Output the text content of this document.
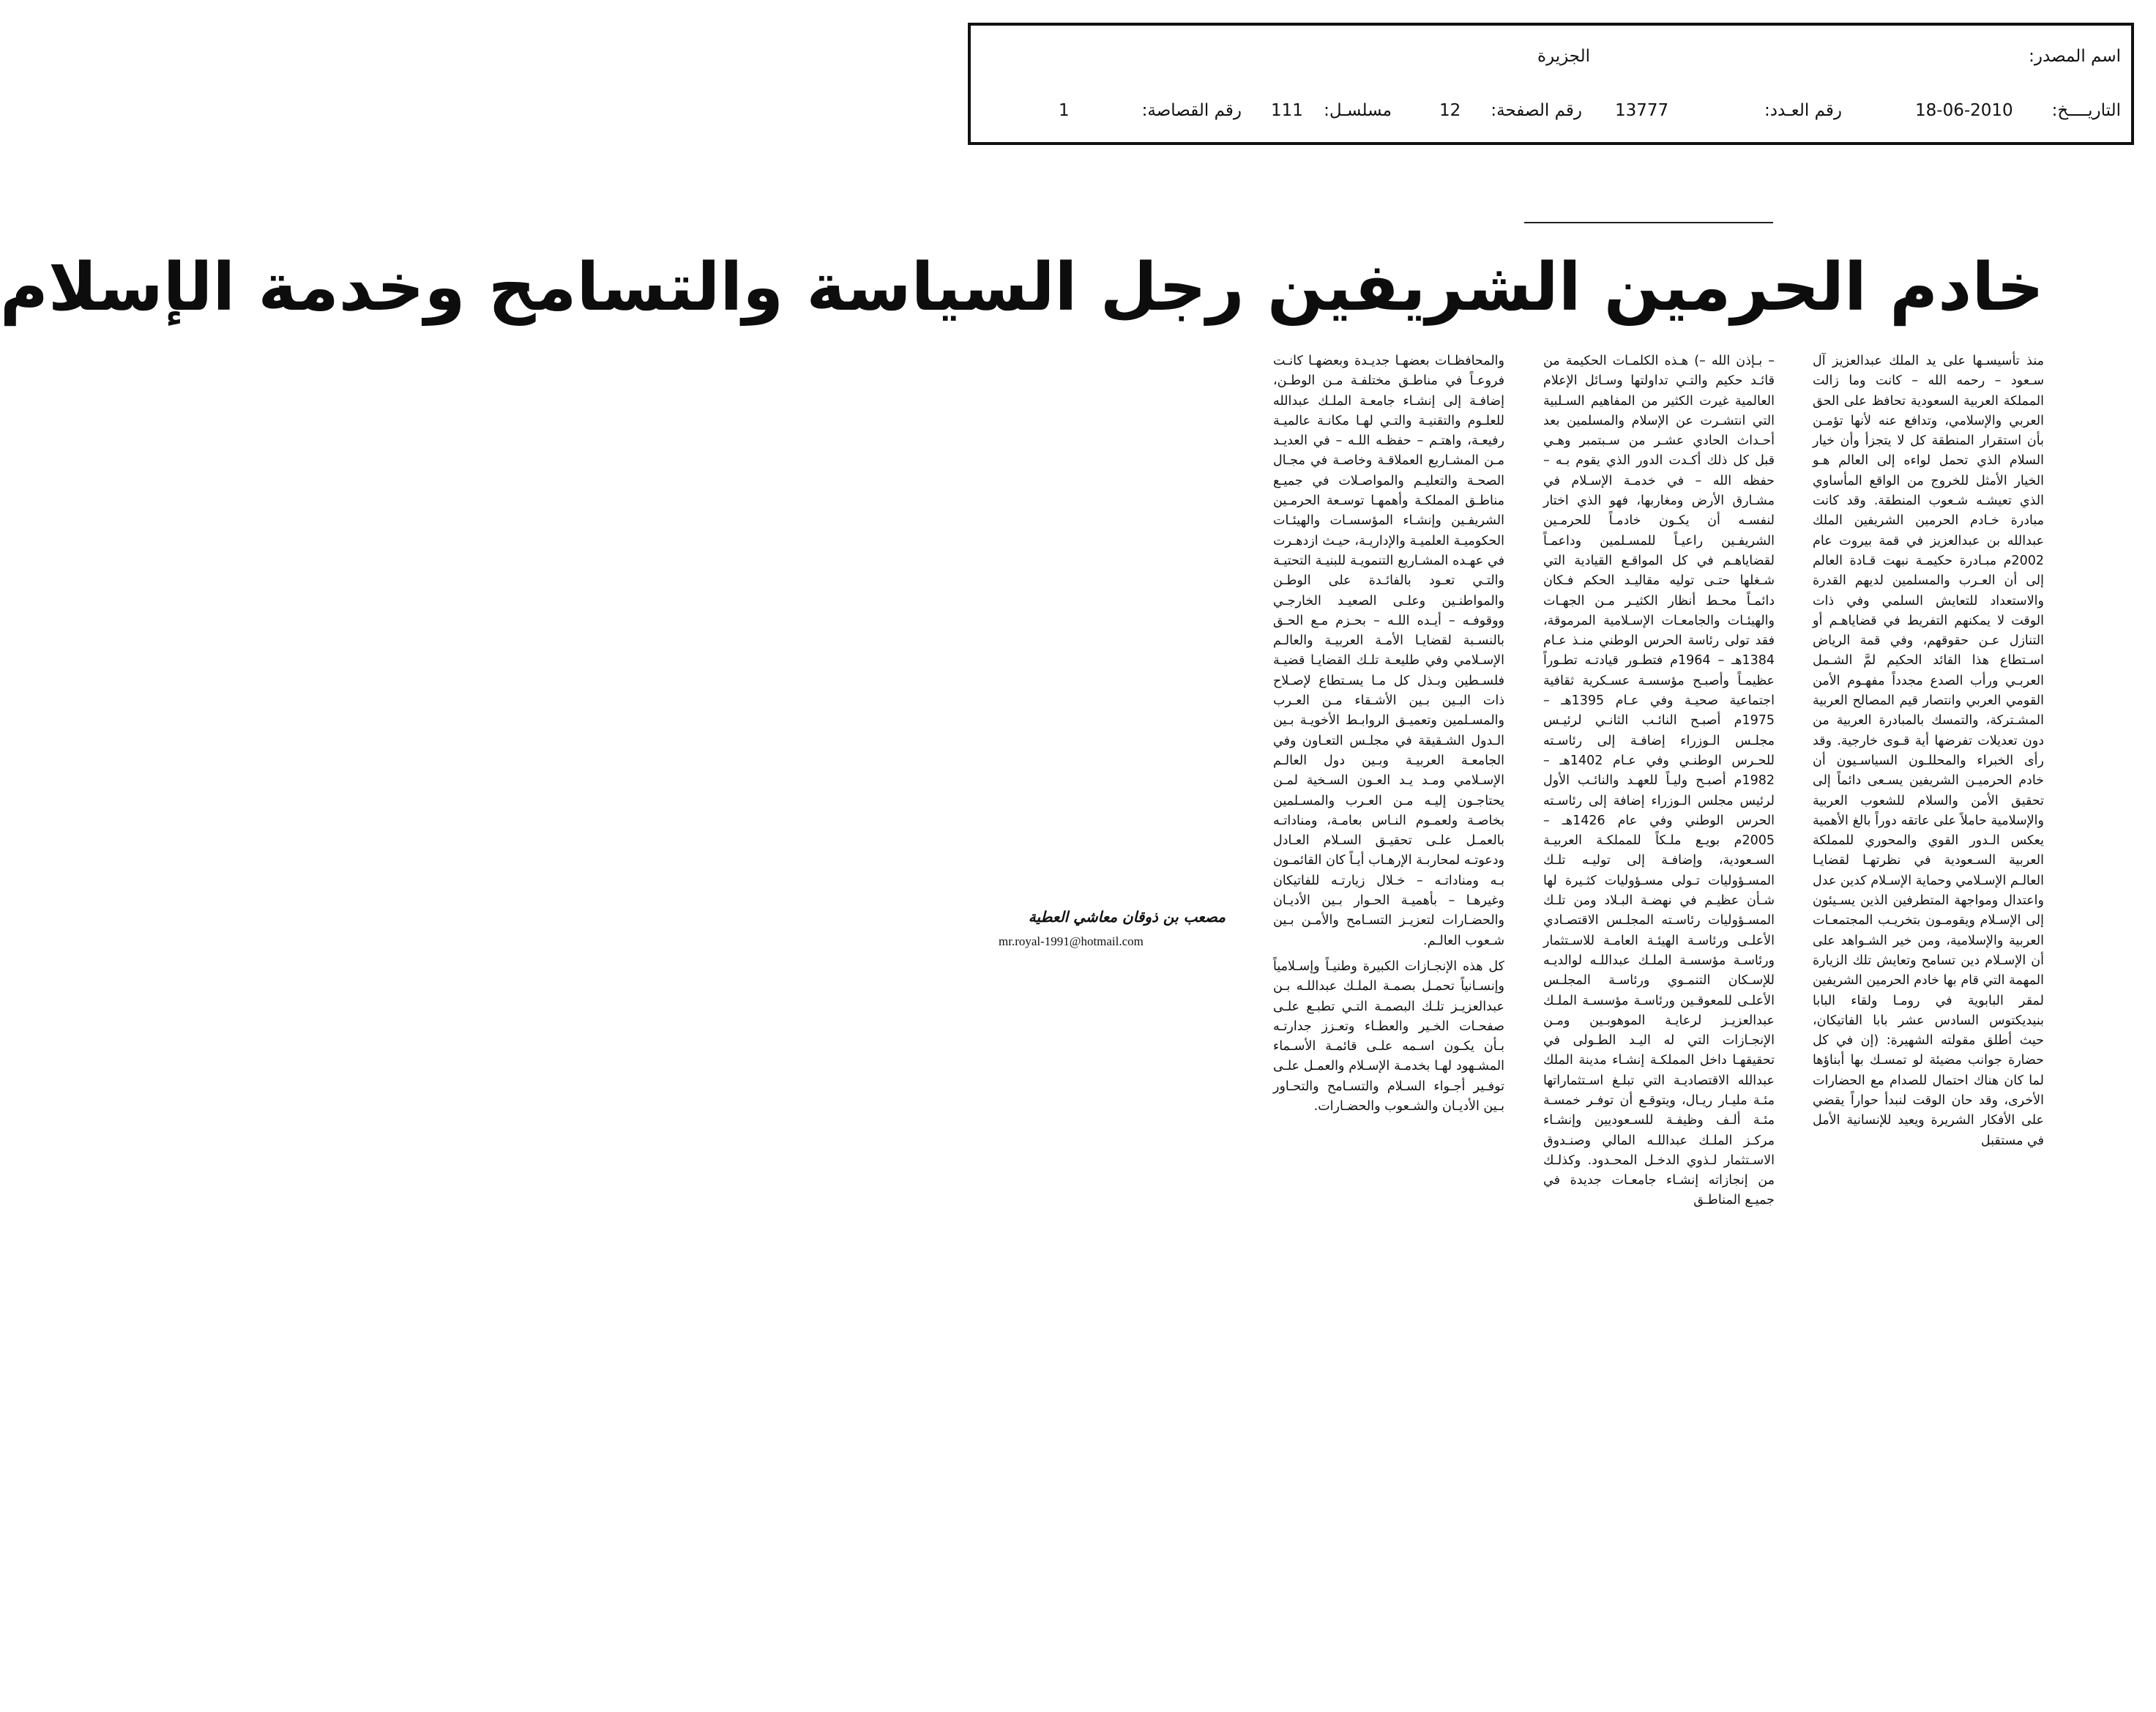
اسم المصدر:
الجزيرة
التاريــــخ:
18-06-2010
رقم العـدد:
13777
رقم الصفحة:
12
مسلسـل:
111
رقم القصاصة:
1
خادم الحرمين الشريفين رجل السياسة والتسامح وخدمة الإسلام

منذ تأسيسـها على يد الملك عبدالعزيز آل سـعود – رحمه الله – كانت وما زالت المملكة العربية السعودية تحافظ على الحق العربي والإسلامي، وتدافع عنه لأنها تؤمـن بأن استقرار المنطقة كل لا يتجزأ وأن خيار السلام الذي تحمل لواءه إلى العالم هـو الخيار الأمثل للخروج من الواقع المأساوي الذي تعيشـه شـعوب المنطقة. وقد كانت مبادرة خـادم الحرمين الشريفين الملك عبدالله بن عبدالعزيز في قمة بيروت عام 2002م مبـادرة حكيمـة نبهت قـادة العالم إلى أن العـرب والمسلمين لديهم القدرة والاستعداد للتعايش السلمي وفي ذات الوقت لا يمكنهم التفريط في قضاياهـم أو التنازل عـن حقوقهم، وفي قمة الرياض اسـتطاع هذا القائد الحكيم لمَّ الشـمل العربـي ورأب الصدع مجدداً مفهـوم الأمن القومي العربي وانتصار قيم المصالح العربية المشـتركة، والتمسك بالمبادرة العربية من دون تعديلات تفرضها أية قـوى خارجية. وقد رأى الخبراء والمحللـون السياسـيون أن خادم الحرميـن الشريفين يسـعى دائماً إلى تحقيق الأمن والسلام للشعوب العربية والإسلامية حاملاً على عاتقه دوراً بالغ الأهمية يعكس الـدور القوي والمحوري للمملكة العربية السـعودية في نظرتهـا لقضايـا العالـم الإسـلامي وحماية الإسـلام كدين عدل واعتدال ومواجهة المتطرفين الذين يسـيئون إلى الإسـلام ويقومـون بتخريـب المجتمعـات العربية والإسلامية، ومن خير الشـواهد على أن الإسـلام دين تسامح وتعايش تلك الزيارة المهمة التي قام بها خادم الحرمين الشريفين لمقر البابوية في رومـا ولقاء البابا بنيديكتوس السادس عشر بابا الفاتيكان، حيث أطلق مقولته الشهيرة: (إن في كل حضارة جوانب مضيئة لو تمسـك بها أبناؤها لما كان هناك احتمال للصدام مع الحضارات الأخرى، وقد حان الوقت لنبدأ حواراً يقضي على الأفكار الشريرة ويعيد للإنسانية الأمل في مستقبل

– بـإذن الله –) هـذه الكلمـات الحكيمة من قائـد حكيم والتـي تداولتها وسـائل الإعلام العالمية غيرت الكثير من المفاهيم السـلبية التي انتشـرت عن الإسلام والمسلمين بعد أحـداث الحادي عشـر من سـبتمبر وهـي قبل كل ذلك أكـدت الدور الذي يقوم بـه – حفظه الله – في خدمـة الإسـلام في مشـارق الأرض ومغاربها، فهو الذي اختار لنفسـه أن يكـون خادمـاً للحرمـين الشريفـين راعيـاً للمسـلمين وداعمـاً لقضاياهـم في كل المواقـع القيادية التي شـغلها حتـى توليه مقاليـد الحكم فـكان دائمـاً محـط أنظار الكثيـر مـن الجهـات والهيئـات والجامعـات الإسـلامية المرموقة، فقد تولى رئاسة الحرس الوطني منـذ عـام 1384هـ – 1964م فتطـور قيادتـه تطـوراً عظيمـاً وأصبـح مؤسسـة عسـكرية ثقافية اجتماعية صحيـة وفي عـام 1395هـ – 1975م أصبـح النائـب الثانـي لرئيـس مجلـس الـوزراء إضافـة إلى رئاسـته للحـرس الوطنـي وفي عـام 1402هـ – 1982م أصبـح وليـاً للعهـد والنائـب الأول لرئيس مجلس الـوزراء إضافة إلى رئاسـته الحرس الوطني وفي عام 1426هـ – 2005م بويـع ملـكاً للمملكـة العربيـة السـعودية، وإضافـة إلى توليـه تلـك المسـؤوليات تـولى مسـؤوليات كثـيرة لها شـأن عظيـم في نهضـة البـلاد ومن تلـك المسـؤوليات رئاسـته المجلـس الاقتصـادي الأعلـى ورئاسـة الهيئـة العامـة للاسـتثمار ورئاسـة مؤسسـة الملـك عبداللـه لوالديـه للإسـكان التنمـوي ورئاسـة المجلـس الأعلـى للمعوقـين ورئاسـة مؤسسـة الملـك عبدالعزيـز لرعايـة الموهوبـين ومـن الإنجـازات التي له اليـد الطـولى في تحقيقهـا داخل المملكـة إنشـاء مدينة الملك عبدالله الاقتصاديـة التي تبلـغ اسـتثماراتها مئـة مليـار ريـال، ويتوقـع أن توفـر خمسـة مئـة ألـف وظيفـة للسـعوديين وإنشـاء مركـز الملـك عبداللـه المالي وصنـدوق الاسـتثمار لـذوي الدخـل المحـدود. وكذلـك من إنجازاته إنشـاء جامعـات جديدة في جميـع المناطـق

والمحافظـات بعضهـا جديـدة وبعضهـا كانـت فروعـاً في مناطـق مختلفـة مـن الوطـن، إضافـة إلى إنشـاء جامعـة الملـك عبدالله للعلـوم والتقنيـة والتـي لهـا مكانـة عالميـة رفيعـة، واهتـم – حفظـه اللـه – في العديـد مـن المشـاريع العملاقـة وخاصـة في مجـال الصحـة والتعليـم والمواصـلات في جميـع مناطـق المملكـة وأهمهـا توسـعة الحرمـين الشريفـين وإنشـاء المؤسسـات والهيئـات الحكوميـة العلميـة والإداريـة، حيـث ازدهـرت في عهـده المشـاريع التنمويـة للبنيـة التحتيـة والتـي تعـود بالفائـدة على الوطـن والمواطنـين وعلـى الصعيـد الخارجـي ووقوفـه – أيـده اللـه – بحـزم مـع الحـق بالنسـبة لقضايـا الأمـة العربيـة والعالـم الإسـلامي وفي طليعـة تلـك القضايـا قضيـة فلسـطين وبـذل كل مـا يسـتطاع لإصـلاح ذات البـين بـين الأشـقاء مـن العـرب والمسـلمين وتعميـق الروابـط الأخويـة بـين الـدول الشـقيقة في مجلـس التعـاون وفي الجامعـة العربيـة وبـين دول العالـم الإسـلامي ومـد يـد العـون السـخية لمـن يحتاجـون إليـه مـن العـرب والمسـلمين بخاصـة ولعمـوم النـاس بعامـة، ومناداتـه بالعمـل علـى تحقيـق السـلام العـادل ودعوتـه لمحاربـة الإرهـاب أيـاً كان القائمـون بـه ومناداتـه – خـلال زيارتـه للفاتيكان وغيرهـا – بأهميـة الحـوار بـين الأديـان والحضـارات لتعزيـز التسـامح والأمـن بـين شـعوب العالـم.

كل هذه الإنجـازات الكبيرة وطنيـاً وإسـلامياً وإنسـانياً تحمـل بصمـة الملـك عبداللـه بـن عبدالعزيـز تلـك البصمـة التـي تطبـع علـى صفحـات الخـير والعطـاء وتعـزز جدارتـه بـأن يكـون اسـمه علـى قائمـة الأسـماء المشـهود لهـا بخدمـة الإسـلام والعمـل علـى توفـير أجـواء السـلام والتسـامح والتحـاور بـين الأديـان والشـعوب والحضـارات.

مصعب بن ذوقان معاشي العطية
mr.royal-1991@hotmail.com
